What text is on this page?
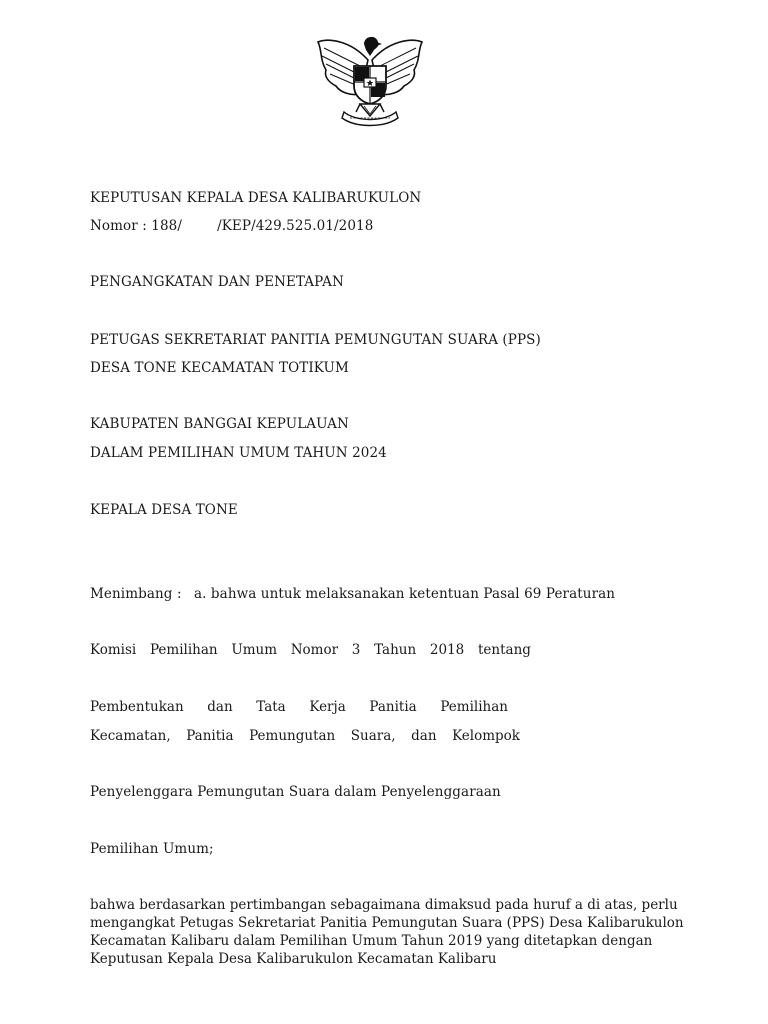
KEPUTUSAN KEPALA DESA KALIBARUKULON
Nomor : 188/        /KEP/429.525.01/2018
PENGANGKATAN DAN PENETAPAN
PETUGAS SEKRETARIAT PANITIA PEMUNGUTAN SUARA (PPS)
DESA TONE KECAMATAN TOTIKUM
KABUPATEN BANGGAI KEPULAUAN
DALAM PEMILIHAN UMUM TAHUN 2024
KEPALA DESA TONE
Menimbang : a. bahwa untuk melaksanakan ketentuan Pasal 69 Peraturan
Komisi Pemilihan Umum Nomor 3 Tahun 2018 tentang
Pembentukan dan Tata Kerja Panitia Pemilihan
Kecamatan, Panitia Pemungutan Suara, dan Kelompok
Penyelenggara Pemungutan Suara dalam Penyelenggaraan
Pemilihan Umum;
bahwa berdasarkan pertimbangan sebagaimana dimaksud pada huruf a di atas, perlu mengangkat Petugas Sekretariat Panitia Pemungutan Suara (PPS) Desa Kalibarukulon Kecamatan Kalibaru dalam Pemilihan Umum Tahun 2019 yang ditetapkan dengan Keputusan Kepala Desa Kalibarukulon Kecamatan Kalibaru
